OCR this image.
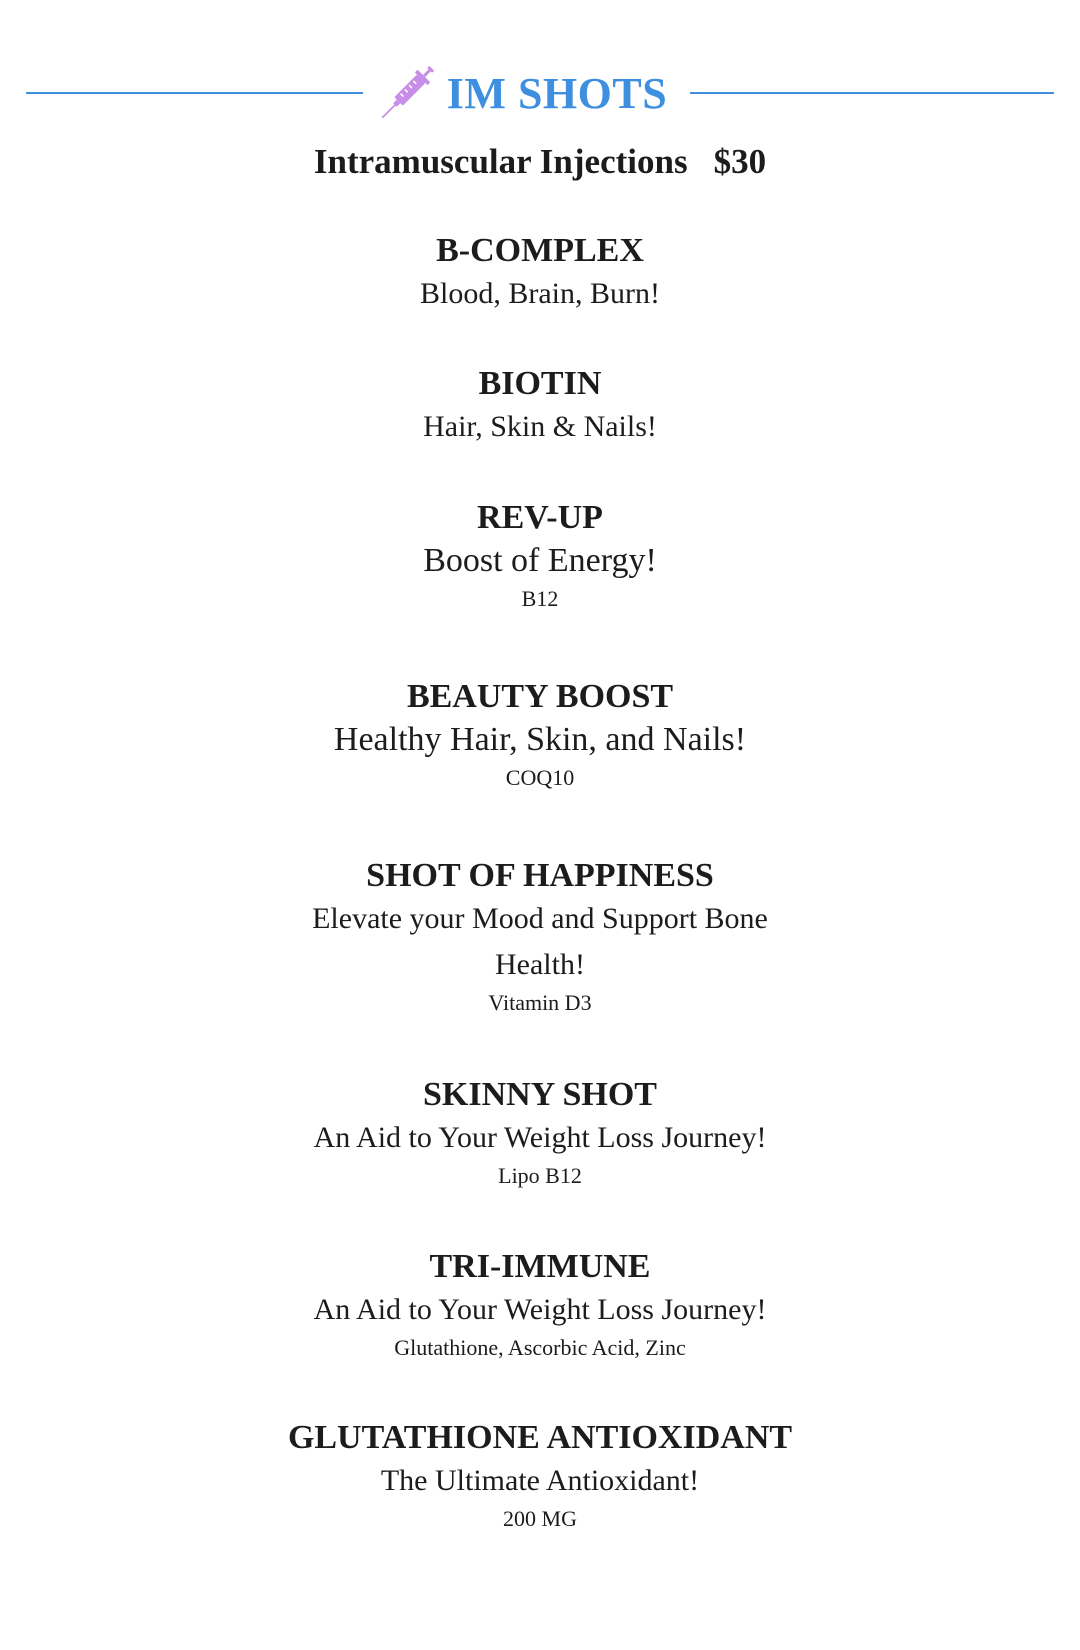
IM SHOTS
Intramuscular Injections $30
B-COMPLEX
Blood, Brain, Burn!
BIOTIN
Hair, Skin & Nails!
REV-UP
Boost of Energy!
B12
BEAUTY BOOST
Healthy Hair, Skin, and Nails!
COQ10
SHOT OF HAPPINESS
Elevate your Mood and Support Bone Health!
Vitamin D3
SKINNY SHOT
An Aid to Your Weight Loss Journey!
Lipo B12
TRI-IMMUNE
An Aid to Your Weight Loss Journey!
Glutathione, Ascorbic Acid, Zinc
GLUTATHIONE ANTIOXIDANT
The Ultimate Antioxidant!
200 MG
